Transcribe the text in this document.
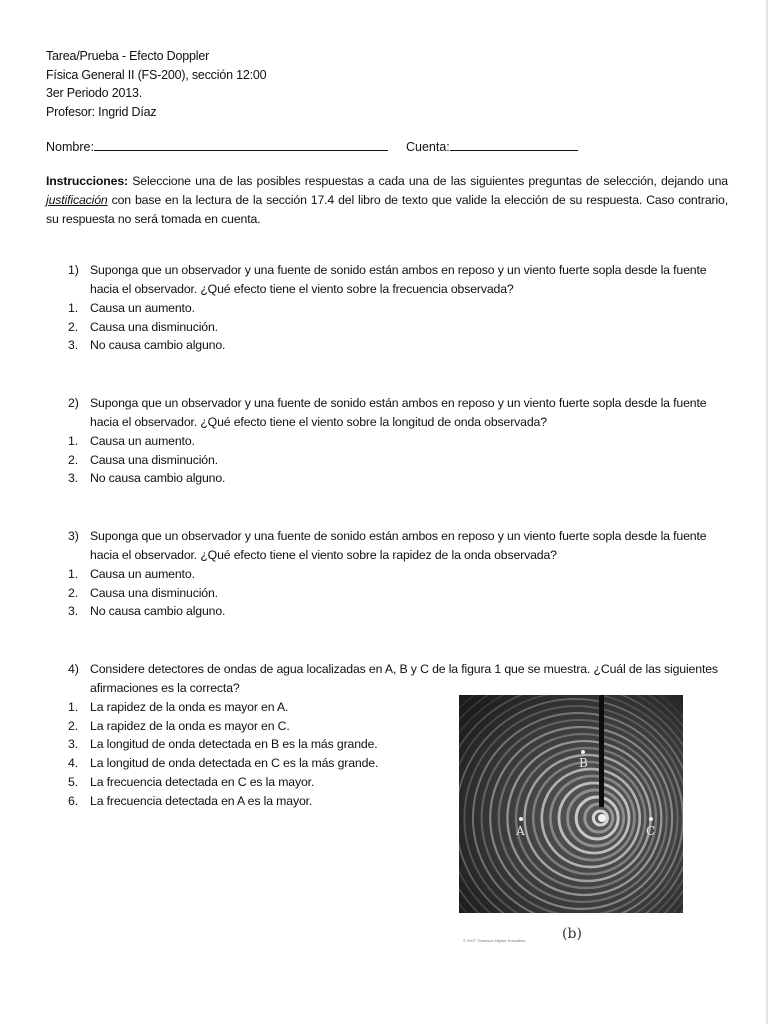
Tarea/Prueba - Efecto Doppler
Física General II (FS-200), sección 12:00
3er Periodo 2013.
Profesor: Ingrid Díaz
Nombre:	Cuenta:
Instrucciones: Seleccione una de las posibles respuestas a cada una de las siguientes preguntas de selección, dejando una justificación con base en la lectura de la sección 17.4 del libro de texto que valide la elección de su respuesta. Caso contrario, su respuesta no será tomada en cuenta.
1) Suponga que un observador y una fuente de sonido están ambos en reposo y un viento fuerte sopla desde la fuente hacia el observador. ¿Qué efecto tiene el viento sobre la frecuencia observada?
1. Causa un aumento.
2. Causa una disminución.
3. No causa cambio alguno.
2) Suponga que un observador y una fuente de sonido están ambos en reposo y un viento fuerte sopla desde la fuente hacia el observador. ¿Qué efecto tiene el viento sobre la longitud de onda observada?
1. Causa un aumento.
2. Causa una disminución.
3. No causa cambio alguno.
3) Suponga que un observador y una fuente de sonido están ambos en reposo y un viento fuerte sopla desde la fuente hacia el observador. ¿Qué efecto tiene el viento sobre la rapidez de la onda observada?
1. Causa un aumento.
2. Causa una disminución.
3. No causa cambio alguno.
4) Considere detectores de ondas de agua localizadas en A, B y C de la figura 1 que se muestra. ¿Cuál de las siguientes afirmaciones es la correcta?
1. La rapidez de la onda es mayor en A.
2. La rapidez de la onda es mayor en C.
3. La longitud de onda detectada en B es la más grande.
4. La longitud de onda detectada en C es la más grande.
5. La frecuencia detectada en C es la mayor.
6. La frecuencia detectada en A es la mayor.
B
A	C
(b)
© 2007 Thomson Higher Education
